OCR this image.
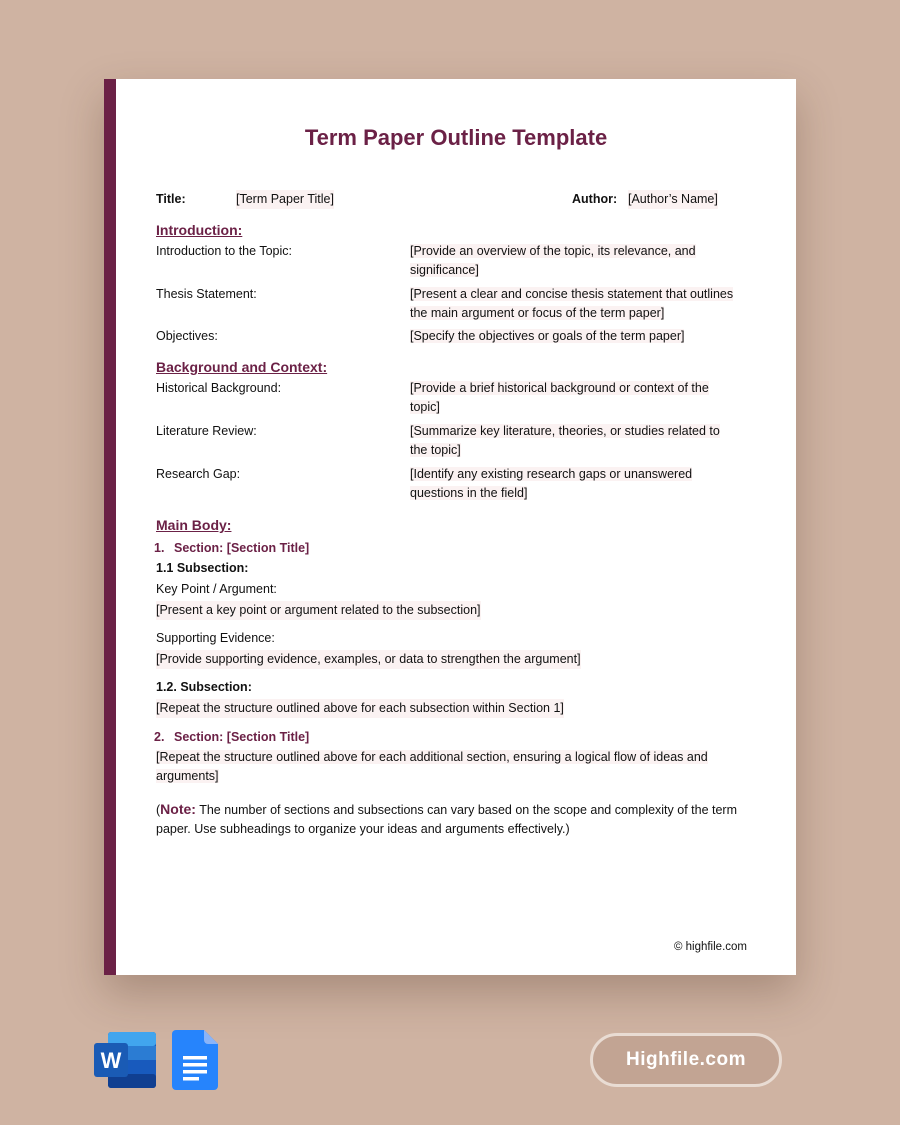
Term Paper Outline Template
Title:	[Term Paper Title]	Author: [Author’s Name]
Introduction:
Introduction to the Topic:	[Provide an overview of the topic, its relevance, and significance]
Thesis Statement:	[Present a clear and concise thesis statement that outlines the main argument or focus of the term paper]
Objectives:	[Specify the objectives or goals of the term paper]
Background and Context:
Historical Background:	[Provide a brief historical background or context of the topic]
Literature Review:	[Summarize key literature, theories, or studies related to the topic]
Research Gap:	[Identify any existing research gaps or unanswered questions in the field]
Main Body:
1. Section: [Section Title]
1.1 Subsection:
Key Point / Argument:
[Present a key point or argument related to the subsection]
Supporting Evidence:
[Provide supporting evidence, examples, or data to strengthen the argument]
1.2. Subsection:
[Repeat the structure outlined above for each subsection within Section 1]
2. Section: [Section Title]
[Repeat the structure outlined above for each additional section, ensuring a logical flow of ideas and arguments]
(Note: The number of sections and subsections can vary based on the scope and complexity of the term paper. Use subheadings to organize your ideas and arguments effectively.)
© highfile.com
W	Highfile.com
